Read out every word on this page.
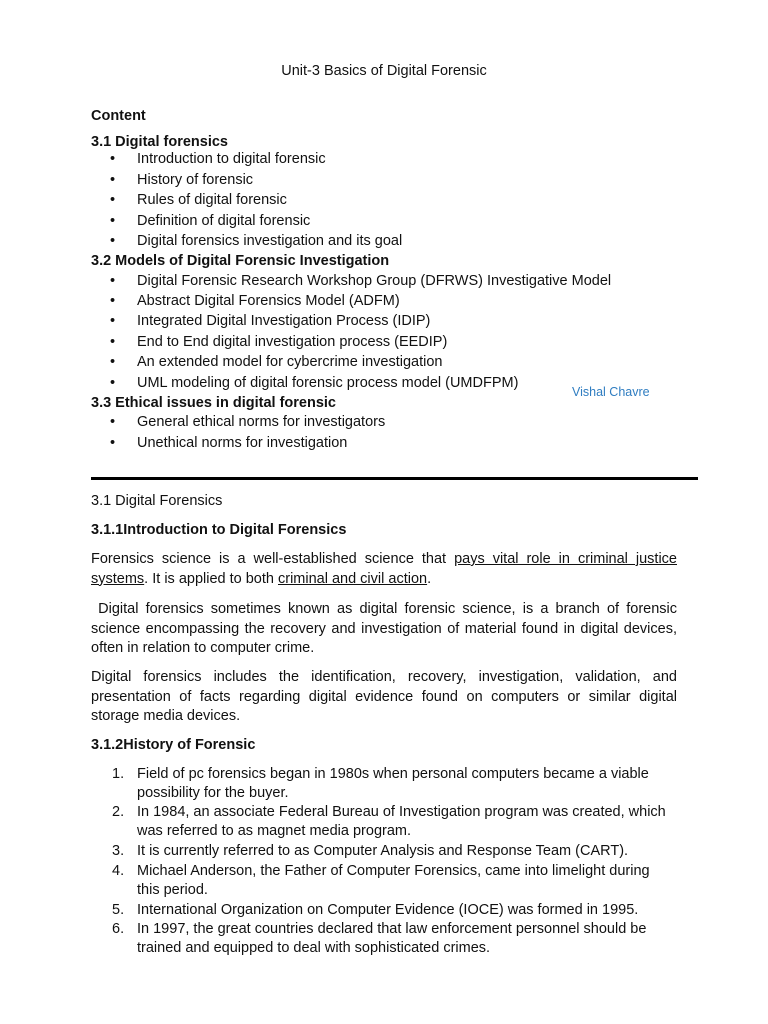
Unit-3 Basics of Digital Forensic
Content
3.1 Digital forensics
• Introduction to digital forensic
• History of forensic
• Rules of digital forensic
• Definition of digital forensic
• Digital forensics investigation and its goal
3.2 Models of Digital Forensic Investigation
• Digital Forensic Research Workshop Group (DFRWS) Investigative Model
• Abstract Digital Forensics Model (ADFM)
• Integrated Digital Investigation Process (IDIP)
• End to End digital investigation process (EEDIP)
• An extended model for cybercrime investigation
• UML modeling of digital forensic process model (UMDFPM)
Vishal Chavre
3.3 Ethical issues in digital forensic
• General ethical norms for investigators
• Unethical norms for investigation
3.1 Digital Forensics
3.1.1Introduction to Digital Forensics
Forensics science is a well-established science that pays vital role in criminal justice systems. It is applied to both criminal and civil action.
Digital forensics sometimes known as digital forensic science, is a branch of forensic science encompassing the recovery and investigation of material found in digital devices, often in relation to computer crime.
Digital forensics includes the identification, recovery, investigation, validation, and presentation of facts regarding digital evidence found on computers or similar digital storage media devices.
3.1.2History of Forensic
1. Field of pc forensics began in 1980s when personal computers became a viable possibility for the buyer.
2. In 1984, an associate Federal Bureau of Investigation program was created, which was referred to as magnet media program.
3. It is currently referred to as Computer Analysis and Response Team (CART).
4. Michael Anderson, the Father of Computer Forensics, came into limelight during this period.
5. International Organization on Computer Evidence (IOCE) was formed in 1995.
6. In 1997, the great countries declared that law enforcement personnel should be trained and equipped to deal with sophisticated crimes.
